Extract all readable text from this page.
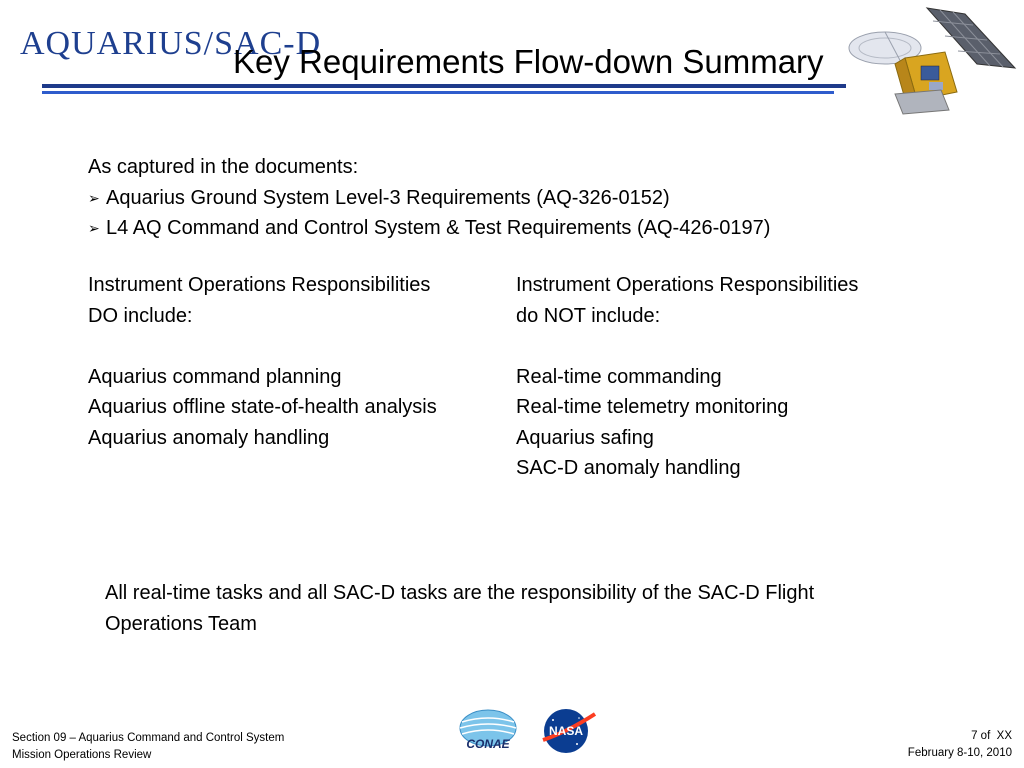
AQUARIUS/SAC-D
Key Requirements Flow-down Summary
As captured in the documents:
➢ Aquarius Ground System Level-3 Requirements (AQ-326-0152)
➢ L4 AQ Command and Control System & Test Requirements (AQ-426-0197)

Instrument Operations Responsibilities

DO include:

Aquarius command planning

Aquarius offline state-of-health analysis

Aquarius anomaly handling

Instrument Operations Responsibilities

do NOT include:

Real-time commanding

Real-time telemetry monitoring

Aquarius safing

SAC-D anomaly handling

All real-time tasks and all SAC-D tasks are the responsibility of the SAC-D Flight Operations Team
Section 09 – Aquarius Command and Control System
Mission Operations Review
CONAE
NASA	7 of  XX
February 8-10, 2010
